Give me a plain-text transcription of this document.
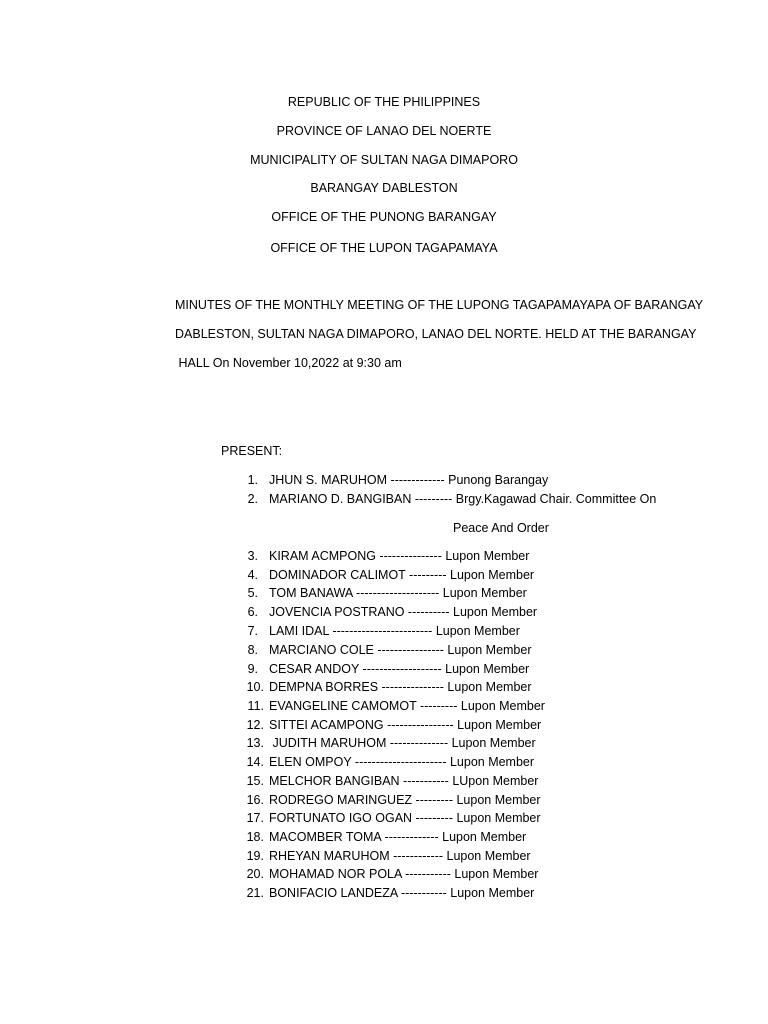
REPUBLIC OF THE PHILIPPINES
PROVINCE OF LANAO DEL NOERTE
MUNICIPALITY OF SULTAN NAGA DIMAPORO
BARANGAY DABLESTON
OFFICE OF THE PUNONG BARANGAY
OFFICE OF THE LUPON TAGAPAMAYA
MINUTES OF THE MONTHLY MEETING OF THE LUPONG TAGAPAMAYAPA OF BARANGAY
DABLESTON, SULTAN NAGA DIMAPORO, LANAO DEL NORTE. HELD AT THE BARANGAY
HALL On November 10,2022 at 9:30 am
PRESENT:
1. JHUN S. MARUHOM ------------- Punong Barangay
2. MARIANO D. BANGIBAN --------- Brgy.Kagawad Chair. Committee On
Peace And Order
3. KIRAM ACMPONG --------------- Lupon Member
4. DOMINADOR CALIMOT --------- Lupon Member
5. TOM BANAWA -------------------- Lupon Member
6. JOVENCIA POSTRANO ---------- Lupon Member
7. LAMI IDAL ------------------------ Lupon Member
8. MARCIANO COLE ---------------- Lupon Member
9. CESAR ANDOY ------------------- Lupon Member
10. DEMPNA BORRES --------------- Lupon Member
11. EVANGELINE CAMOMOT --------- Lupon Member
12. SITTEI ACAMPONG ---------------- Lupon Member
13. JUDITH MARUHOM -------------- Lupon Member
14. ELEN OMPOY ---------------------- Lupon Member
15. MELCHOR BANGIBAN ----------- LUpon Member
16. RODREGO MARINGUEZ --------- Lupon Member
17. FORTUNATO IGO OGAN --------- Lupon Member
18. MACOMBER TOMA ------------- Lupon Member
19. RHEYAN MARUHOM ------------ Lupon Member
20. MOHAMAD NOR POLA ----------- Lupon Member
21. BONIFACIO LANDEZA ----------- Lupon Member
